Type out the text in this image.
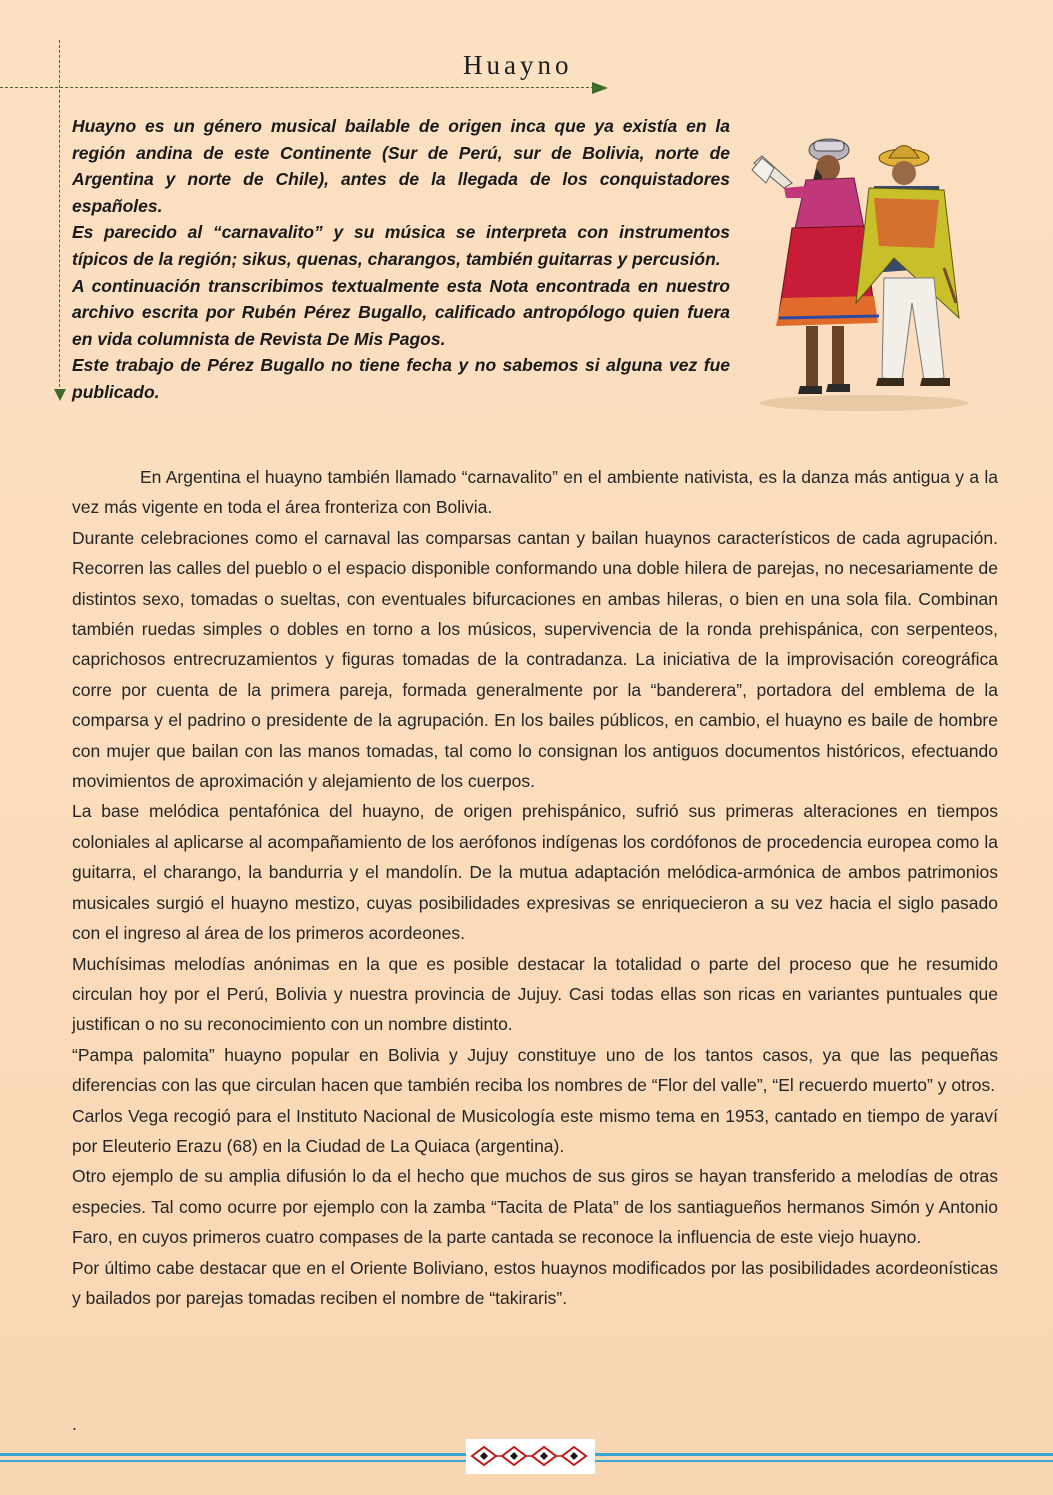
Huayno

Huayno es un género musical bailable de origen inca que ya existía en la región andina de este Continente (Sur de Perú, sur de Bolivia, norte de Argentina y norte de Chile), antes de la llegada de los conquistadores españoles.

Es parecido al “carnavalito” y su música se interpreta con instrumentos típicos de la región; sikus, quenas, charangos, también guitarras y percusión.

A continuación transcribimos textualmente esta Nota encontrada en nuestro archivo escrita por Rubén Pérez Bugallo, calificado antropólogo quien fuera en vida columnista de Revista De Mis Pagos.

Este trabajo de Pérez Bugallo no tiene fecha y no sabemos si alguna vez fue publicado.

En Argentina el huayno también llamado “carnavalito” en el ambiente nativista, es la danza más antigua y a la vez más vigente en toda el área fronteriza con Bolivia.

Durante celebraciones como el carnaval las comparsas cantan y bailan huaynos característicos de cada agrupación. Recorren las calles del pueblo o el espacio disponible conformando una doble hilera de parejas, no necesariamente de distintos sexo, tomadas o sueltas, con eventuales bifurcaciones en ambas hileras, o bien en una sola fila. Combinan también ruedas simples o dobles en torno a los músicos, supervivencia de la ronda prehispánica, con serpenteos, caprichosos entrecruzamientos y figuras tomadas de la contradanza. La iniciativa de la improvisación coreográfica corre por cuenta de la primera pareja, formada generalmente por la “banderera”, portadora del emblema de la comparsa y el padrino o presidente de la agrupación. En los bailes públicos, en cambio, el huayno es baile de hombre con mujer que bailan con las manos tomadas, tal como lo consignan los antiguos documentos históricos, efectuando movimientos de aproximación y alejamiento de los cuerpos.

La base melódica pentafónica del huayno, de origen prehispánico, sufrió sus primeras alteraciones en tiempos coloniales al aplicarse al acompañamiento de los aerófonos indígenas los cordófonos de procedencia europea como la guitarra, el charango, la bandurria y el mandolín. De la mutua adaptación melódica-armónica de ambos patrimonios musicales surgió el huayno mestizo, cuyas posibilidades expresivas se enriquecieron a su vez hacia el siglo pasado con el ingreso al área de los primeros acordeones.

Muchísimas melodías anónimas en la que es posible destacar la totalidad o parte del proceso que he resumido circulan hoy por el Perú, Bolivia y nuestra provincia de Jujuy. Casi todas ellas son ricas en variantes puntuales que justifican o no su reconocimiento con un nombre distinto.

“Pampa palomita” huayno popular en Bolivia y Jujuy constituye uno de los tantos casos, ya que las pequeñas diferencias con las que circulan hacen que también reciba los nombres de “Flor del valle”, “El recuerdo muerto” y otros.

Carlos Vega recogió para el Instituto Nacional de Musicología este mismo tema en 1953, cantado en tiempo de yaraví por Eleuterio Erazu (68) en la Ciudad de La Quiaca (argentina).

Otro ejemplo de su amplia difusión lo da el hecho que muchos de sus giros se hayan transferido a melodías de otras especies. Tal como ocurre por ejemplo con la zamba “Tacita de Plata” de los santiagueños hermanos Simón y Antonio Faro, en cuyos primeros cuatro compases de la parte cantada se reconoce la influencia de este viejo huayno.

Por último cabe destacar que en el Oriente Boliviano, estos huaynos modificados por las posibilidades acordeonísticas y bailados por parejas tomadas reciben el nombre de “takiraris”.

.
